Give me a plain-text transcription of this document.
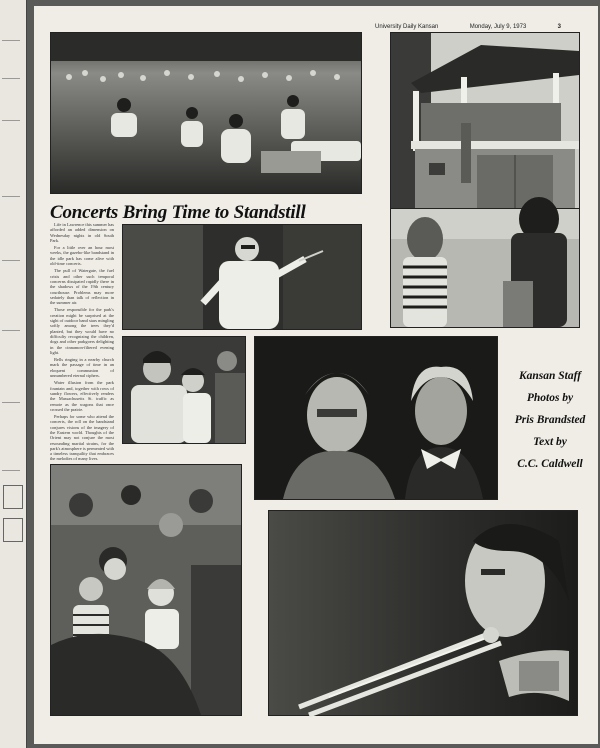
University Daily Kansan	Monday, July 9, 1973	3
Concerts Bring Time to Standstill

Life in Lawrence this summer has afforded an added dimension on Wednesday nights in old South Park.

For a little over an hour most weeks, the gazebo-like bandstand in the idle park has come alive with old-time concerts.

The pull of Watergate, the fuel crisis and other such temporal concerns dissipated rapidly there in the shadows of the 19th century courthouse. Problems may more sedately than talk of reflection in the summer air.

Those responsible for the park's creation might be surprised at the sight of outdoor band stars mingling softly among the trees they'd planted, but they would have no difficulty recognizing the children, dogs and other parkgoers delighting in the cinnamon-filtered evening light.

Bells ringing in a nearby church mark the passage of time in an eloquent communion of unnumbered eternal ciphers.

Water illusion from the park fountain and, together with rows of sundry flowers, effectively renders the Massachusetts St. traffic as remote as the wagons that once crossed the prairie.

Perhaps for some who attend the concerts, the roll on the bandstand conjures visions of the imagery of the Eastern world. Thoughts of the Orient may not conjure the most resounding martial strains, for the park's atmosphere is permeated with a timeless tranquility that embraces the melodies of many lives.

Kansan Staff
Photos by
Pris Brandsted
Text by
C.C. Caldwell
